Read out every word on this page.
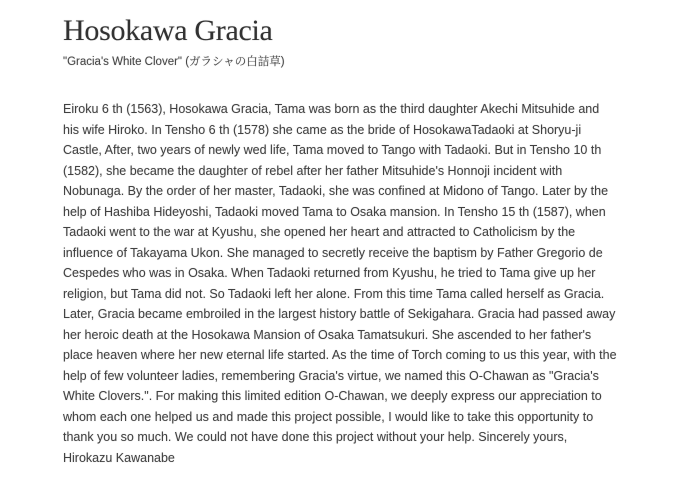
Hosokawa Gracia
"Gracia's White Clover" (ガラシャの白詰草)
Eiroku 6 th (1563), Hosokawa Gracia, Tama was born as the third daughter Akechi Mitsuhide and
his wife Hiroko. In Tensho 6 th (1578) she came as the bride of HosokawaTadaoki at Shoryu-ji
Castle, After, two years of newly wed life, Tama moved to Tango with Tadaoki. But in Tensho 10 th
(1582), she became the daughter of rebel after her father Mitsuhide's Honnoji incident with
Nobunaga. By the order of her master, Tadaoki, she was confined at Midono of Tango. Later by the
help of Hashiba Hideyoshi, Tadaoki moved Tama to Osaka mansion. In Tensho 15 th (1587), when
Tadaoki went to the war at Kyushu, she opened her heart and attracted to Catholicism by the
influence of Takayama Ukon. She managed to secretly receive the baptism by Father Gregorio de
Cespedes who was in Osaka. When Tadaoki returned from Kyushu, he tried to Tama give up her
religion, but Tama did not. So Tadaoki left her alone. From this time Tama called herself as Gracia.
Later, Gracia became embroiled in the largest history battle of Sekigahara. Gracia had passed away
her heroic death at the Hosokawa Mansion of Osaka Tamatsukuri. She ascended to her father's
place heaven where her new eternal life started. As the time of Torch coming to us this year, with the
help of few volunteer ladies, remembering Gracia's virtue, we named this O-Chawan as "Gracia's
White Clovers.". For making this limited edition O-Chawan, we deeply express our appreciation to
whom each one helped us and made this project possible, I would like to take this opportunity to
thank you so much. We could not have done this project without your help. Sincerely yours,
Hirokazu Kawanabe
